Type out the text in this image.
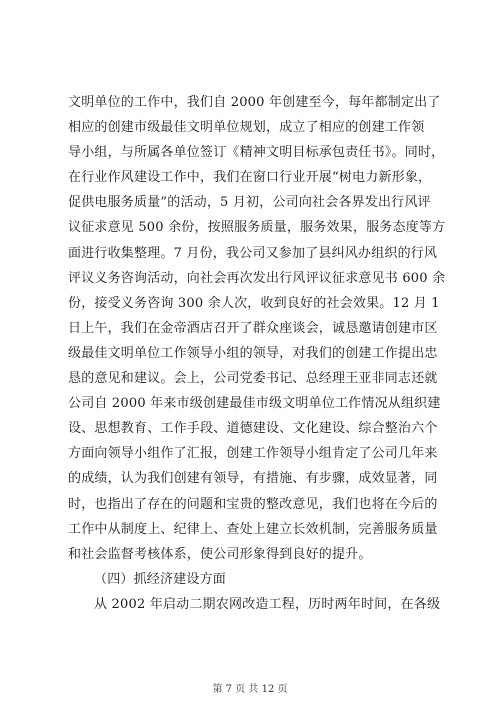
文明单位的工作中，我们自 2000 年创建至今，每年都制定出了
相应的创建市级最佳文明单位规划，成立了相应的创建工作领
导小组，与所属各单位签订《精神文明目标承包责任书》。同时，
在行业作风建设工作中，我们在窗口行业开展“树电力新形象，
促供电服务质量”的活动，5 月初，公司向社会各界发出行风评
议征求意见 500 余份，按照服务质量，服务效果，服务态度等方
面进行收集整理。7 月份，我公司又参加了县纠风办组织的行风
评议义务咨询活动，向社会再次发出行风评议征求意见书 600 余
份，接受义务咨询 300 余人次，收到良好的社会效果。12 月 1
日上午，我们在金帝酒店召开了群众座谈会，诚恳邀请创建市区
级最佳文明单位工作领导小组的领导，对我们的创建工作提出忠
恳的意见和建议。会上，公司党委书记、总经理王亚非同志还就
公司自 2000 年来市级创建最佳市级文明单位工作情况从组织建
设、思想教育、工作手段、道德建设、文化建设、综合整治六个
方面向领导小组作了汇报，创建工作领导小组肯定了公司几年来
的成绩，认为我们创建有领导，有措施、有步骤，成效显著，同
时，也指出了存在的问题和宝贵的整改意见，我们也将在今后的
工作中从制度上、纪律上、查处上建立长效机制，完善服务质量
和社会监督考核体系，使公司形象得到良好的提升。
（四）抓经济建设方面
从 2002 年启动二期农网改造工程，历时两年时间，在各级
第 7 页 共 12 页
